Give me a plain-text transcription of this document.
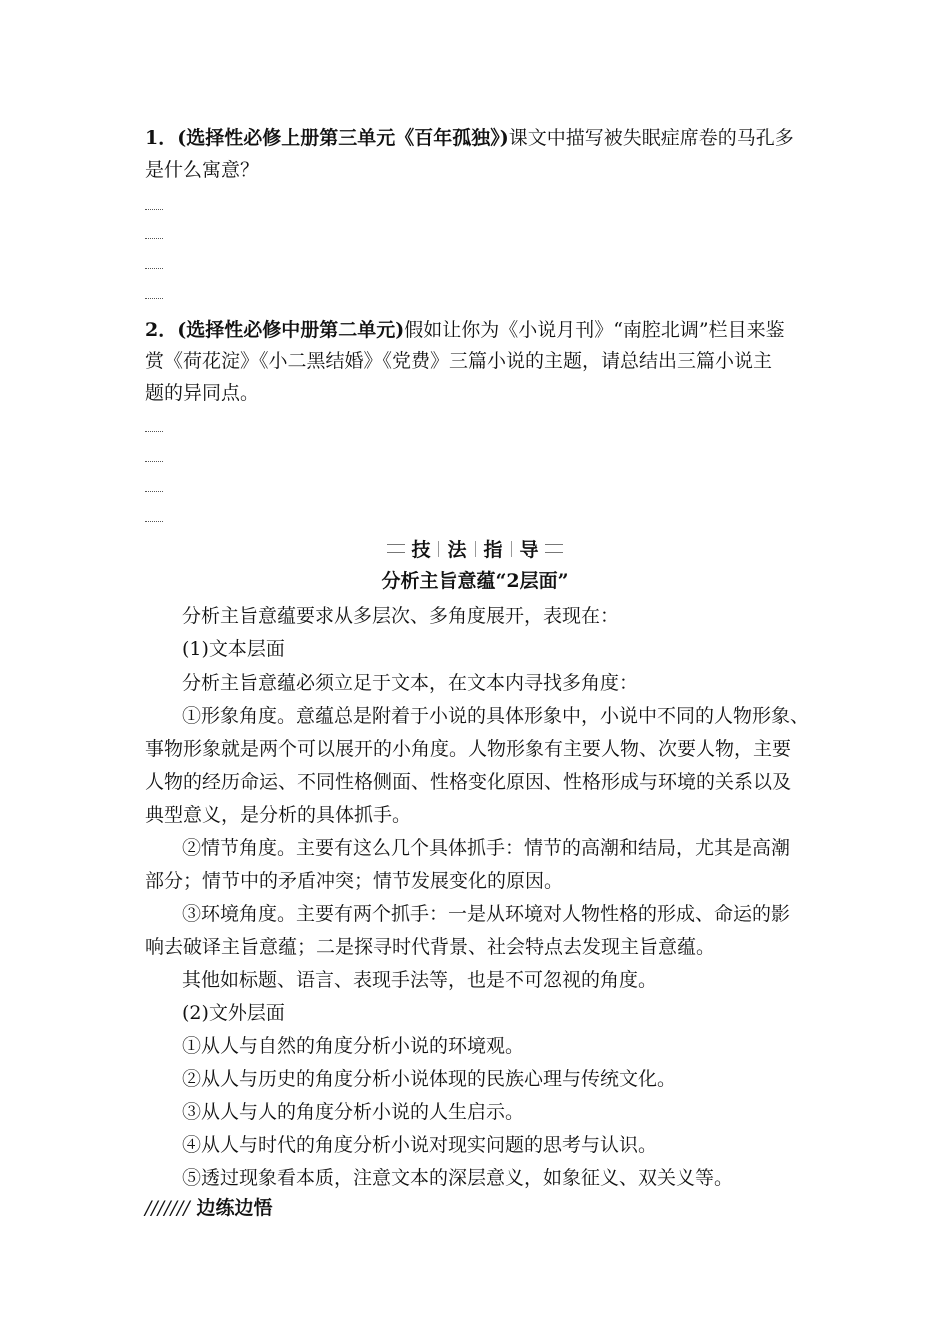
1．(选择性必修上册第三单元《百年孤独》)课文中描写被失眠症席卷的马孔多
是什么寓意？
2．(选择性必修中册第二单元)假如让你为《小说月刊》“南腔北调”栏目来鉴
赏《荷花淀》《小二黑结婚》《党费》三篇小说的主题，请总结出三篇小说主
题的异同点。
技 法 指 导
分析主旨意蕴“2层面”
分析主旨意蕴要求从多层次、多角度展开，表现在：
(1)文本层面
分析主旨意蕴必须立足于文本，在文本内寻找多角度：
①形象角度。意蕴总是附着于小说的具体形象中，小说中不同的人物形象、
事物形象就是两个可以展开的小角度。人物形象有主要人物、次要人物，主要
人物的经历命运、不同性格侧面、性格变化原因、性格形成与环境的关系以及
典型意义，是分析的具体抓手。
②情节角度。主要有这么几个具体抓手：情节的高潮和结局，尤其是高潮
部分；情节中的矛盾冲突；情节发展变化的原因。
③环境角度。主要有两个抓手：一是从环境对人物性格的形成、命运的影
响去破译主旨意蕴；二是探寻时代背景、社会特点去发现主旨意蕴。
其他如标题、语言、表现手法等，也是不可忽视的角度。
(2)文外层面
①从人与自然的角度分析小说的环境观。
②从人与历史的角度分析小说体现的民族心理与传统文化。
③从人与人的角度分析小说的人生启示。
④从人与时代的角度分析小说对现实问题的思考与认识。
⑤透过现象看本质，注意文本的深层意义，如象征义、双关义等。
/////// 边练边悟
